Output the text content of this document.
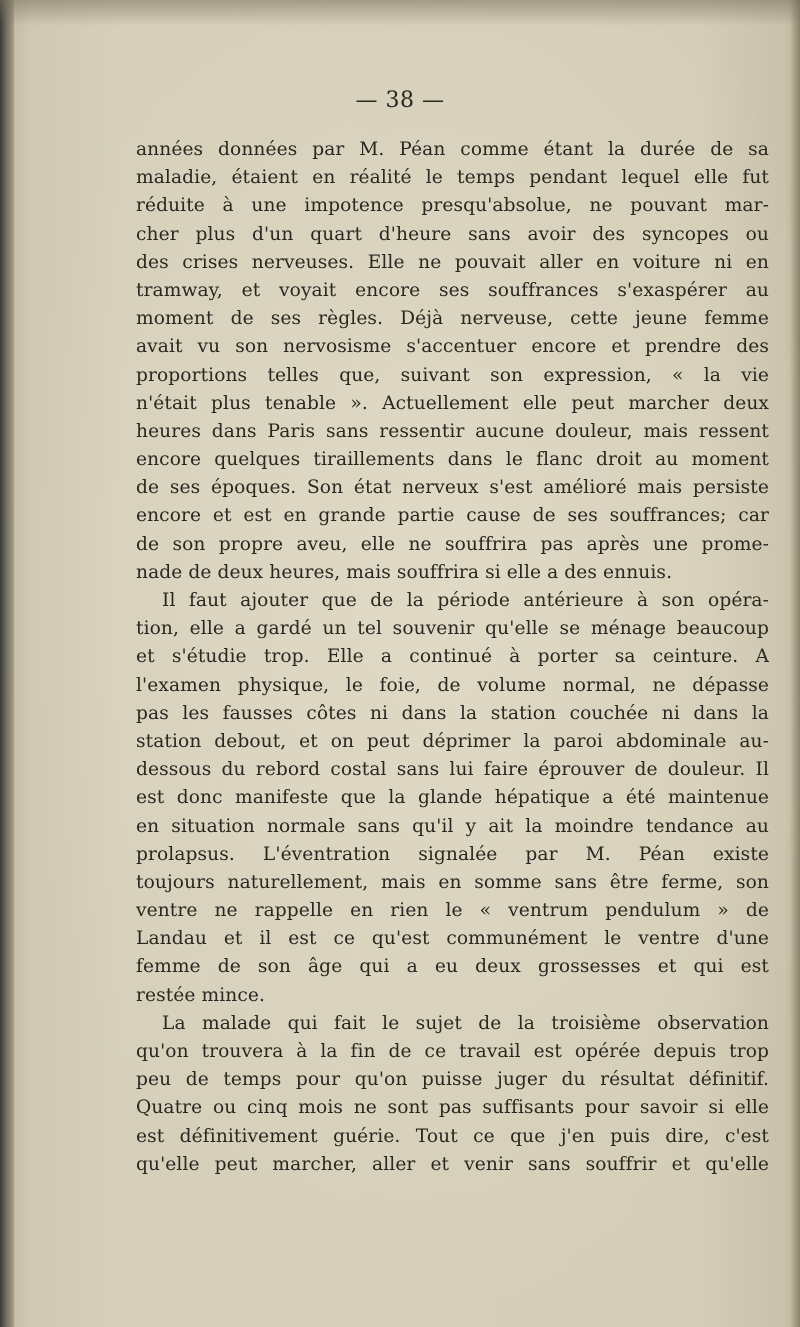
— 38 —
années données par M. Péan comme étant la durée de sa
maladie, étaient en réalité le temps pendant lequel elle fut
réduite à une impotence presqu'absolue, ne pouvant mar-
cher plus d'un quart d'heure sans avoir des syncopes ou
des crises nerveuses. Elle ne pouvait aller en voiture ni en
tramway, et voyait encore ses souffrances s'exaspérer au
moment de ses règles. Déjà nerveuse, cette jeune femme
avait vu son nervosisme s'accentuer encore et prendre des
proportions telles que, suivant son expression, « la vie
n'était plus tenable ». Actuellement elle peut marcher deux
heures dans Paris sans ressentir aucune douleur, mais ressent
encore quelques tiraillements dans le flanc droit au moment
de ses époques. Son état nerveux s'est amélioré mais persiste
encore et est en grande partie cause de ses souffrances; car
de son propre aveu, elle ne souffrira pas après une prome-
nade de deux heures, mais souffrira si elle a des ennuis.
Il faut ajouter que de la période antérieure à son opéra-
tion, elle a gardé un tel souvenir qu'elle se ménage beaucoup
et s'étudie trop. Elle a continué à porter sa ceinture. A
l'examen physique, le foie, de volume normal, ne dépasse
pas les fausses côtes ni dans la station couchée ni dans la
station debout, et on peut déprimer la paroi abdominale au-
dessous du rebord costal sans lui faire éprouver de douleur. Il
est donc manifeste que la glande hépatique a été maintenue
en situation normale sans qu'il y ait la moindre tendance au
prolapsus. L'éventration signalée par M. Péan existe
toujours naturellement, mais en somme sans être ferme, son
ventre ne rappelle en rien le « ventrum pendulum » de
Landau et il est ce qu'est communément le ventre d'une
femme de son âge qui a eu deux grossesses et qui est
restée mince.
La malade qui fait le sujet de la troisième observation
qu'on trouvera à la fin de ce travail est opérée depuis trop
peu de temps pour qu'on puisse juger du résultat définitif.
Quatre ou cinq mois ne sont pas suffisants pour savoir si elle
est définitivement guérie. Tout ce que j'en puis dire, c'est
qu'elle peut marcher, aller et venir sans souffrir et qu'elle
